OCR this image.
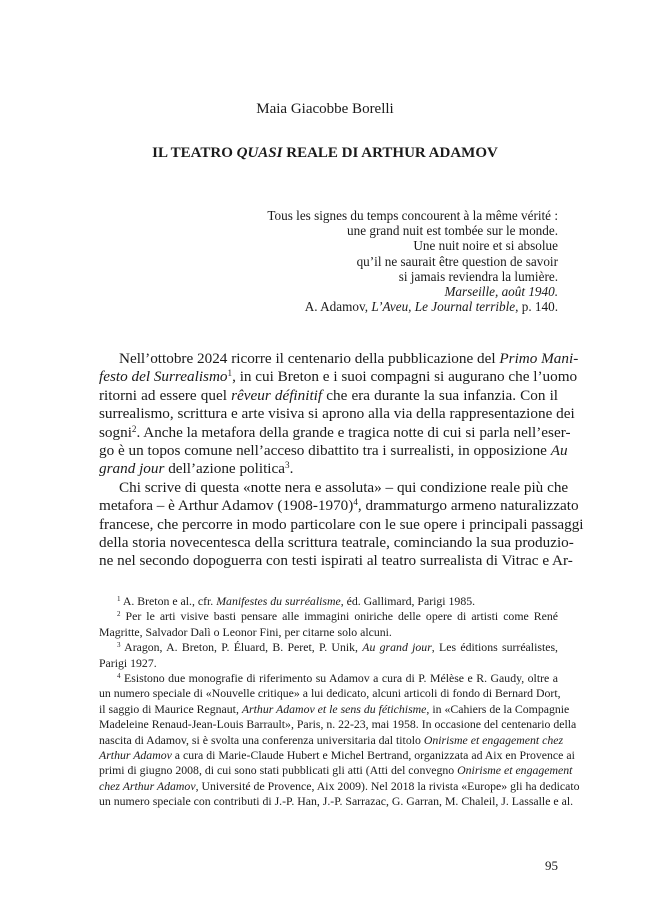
Maia Giacobbe Borelli
IL TEATRO QUASI REALE DI ARTHUR ADAMOV
Tous les signes du temps concourent à la même vérité :
une grand nuit est tombée sur le monde.
Une nuit noire et si absolue
qu’il ne saurait être question de savoir
si jamais reviendra la lumière.
Marseille, août 1940.
A. Adamov, L’Aveu, Le Journal terrible, p. 140.
Nell’ottobre 2024 ricorre il centenario della pubblicazione del Primo Mani-
festo del Surrealismo$^1$, in cui Breton e i suoi compagni si augurano che l’uomo
ritorni ad essere quel rêveur définitif che era durante la sua infanzia. Con il
surrealismo, scrittura e arte visiva si aprono alla via della rappresentazione dei
sogni$^2$. Anche la metafora della grande e tragica notte di cui si parla nell’eser-
go è un topos comune nell’acceso dibattito tra i surrealisti, in opposizione Au
grand jour dell’azione politica$^3$.
Chi scrive di questa «notte nera e assoluta» – qui condizione reale più che
metafora – è Arthur Adamov (1908-1970)$^4$, drammaturgo armeno naturalizzato
francese, che percorre in modo particolare con le sue opere i principali passaggi
della storia novecentesca della scrittura teatrale, cominciando la sua produzio-
ne nel secondo dopoguerra con testi ispirati al teatro surrealista di Vitrac e Ar-
$^1$ A. Breton e al., cfr. Manifestes du surréalisme, éd. Gallimard, Parigi 1985.
$^2$ Per le arti visive basti pensare alle immagini oniriche delle opere di artisti come René
Magritte, Salvador Dalì o Leonor Fini, per citarne solo alcuni.
$^3$ Aragon, A. Breton, P. Éluard, B. Peret, P. Unik, Au grand jour, Les éditions surréalistes,
Parigi 1927.
$^4$ Esistono due monografie di riferimento su Adamov a cura di P. Mélèse e R. Gaudy, oltre a
un numero speciale di «Nouvelle critique» a lui dedicato, alcuni articoli di fondo di Bernard Dort,
il saggio di Maurice Regnaut, Arthur Adamov et le sens du fétichisme, in «Cahiers de la Compagnie
Madeleine Renaud-Jean-Louis Barrault», Paris, n. 22-23, mai 1958. In occasione del centenario della
nascita di Adamov, si è svolta una conferenza universitaria dal titolo Onirisme et engagement chez
Arthur Adamov a cura di Marie-Claude Hubert e Michel Bertrand, organizzata ad Aix en Provence ai
primi di giugno 2008, di cui sono stati pubblicati gli atti (Atti del convegno Onirisme et engagement
chez Arthur Adamov, Université de Provence, Aix 2009). Nel 2018 la rivista «Europe» gli ha dedicato
un numero speciale con contributi di J.-P. Han, J.-P. Sarrazac, G. Garran, M. Chaleil, J. Lassalle e al.
95
